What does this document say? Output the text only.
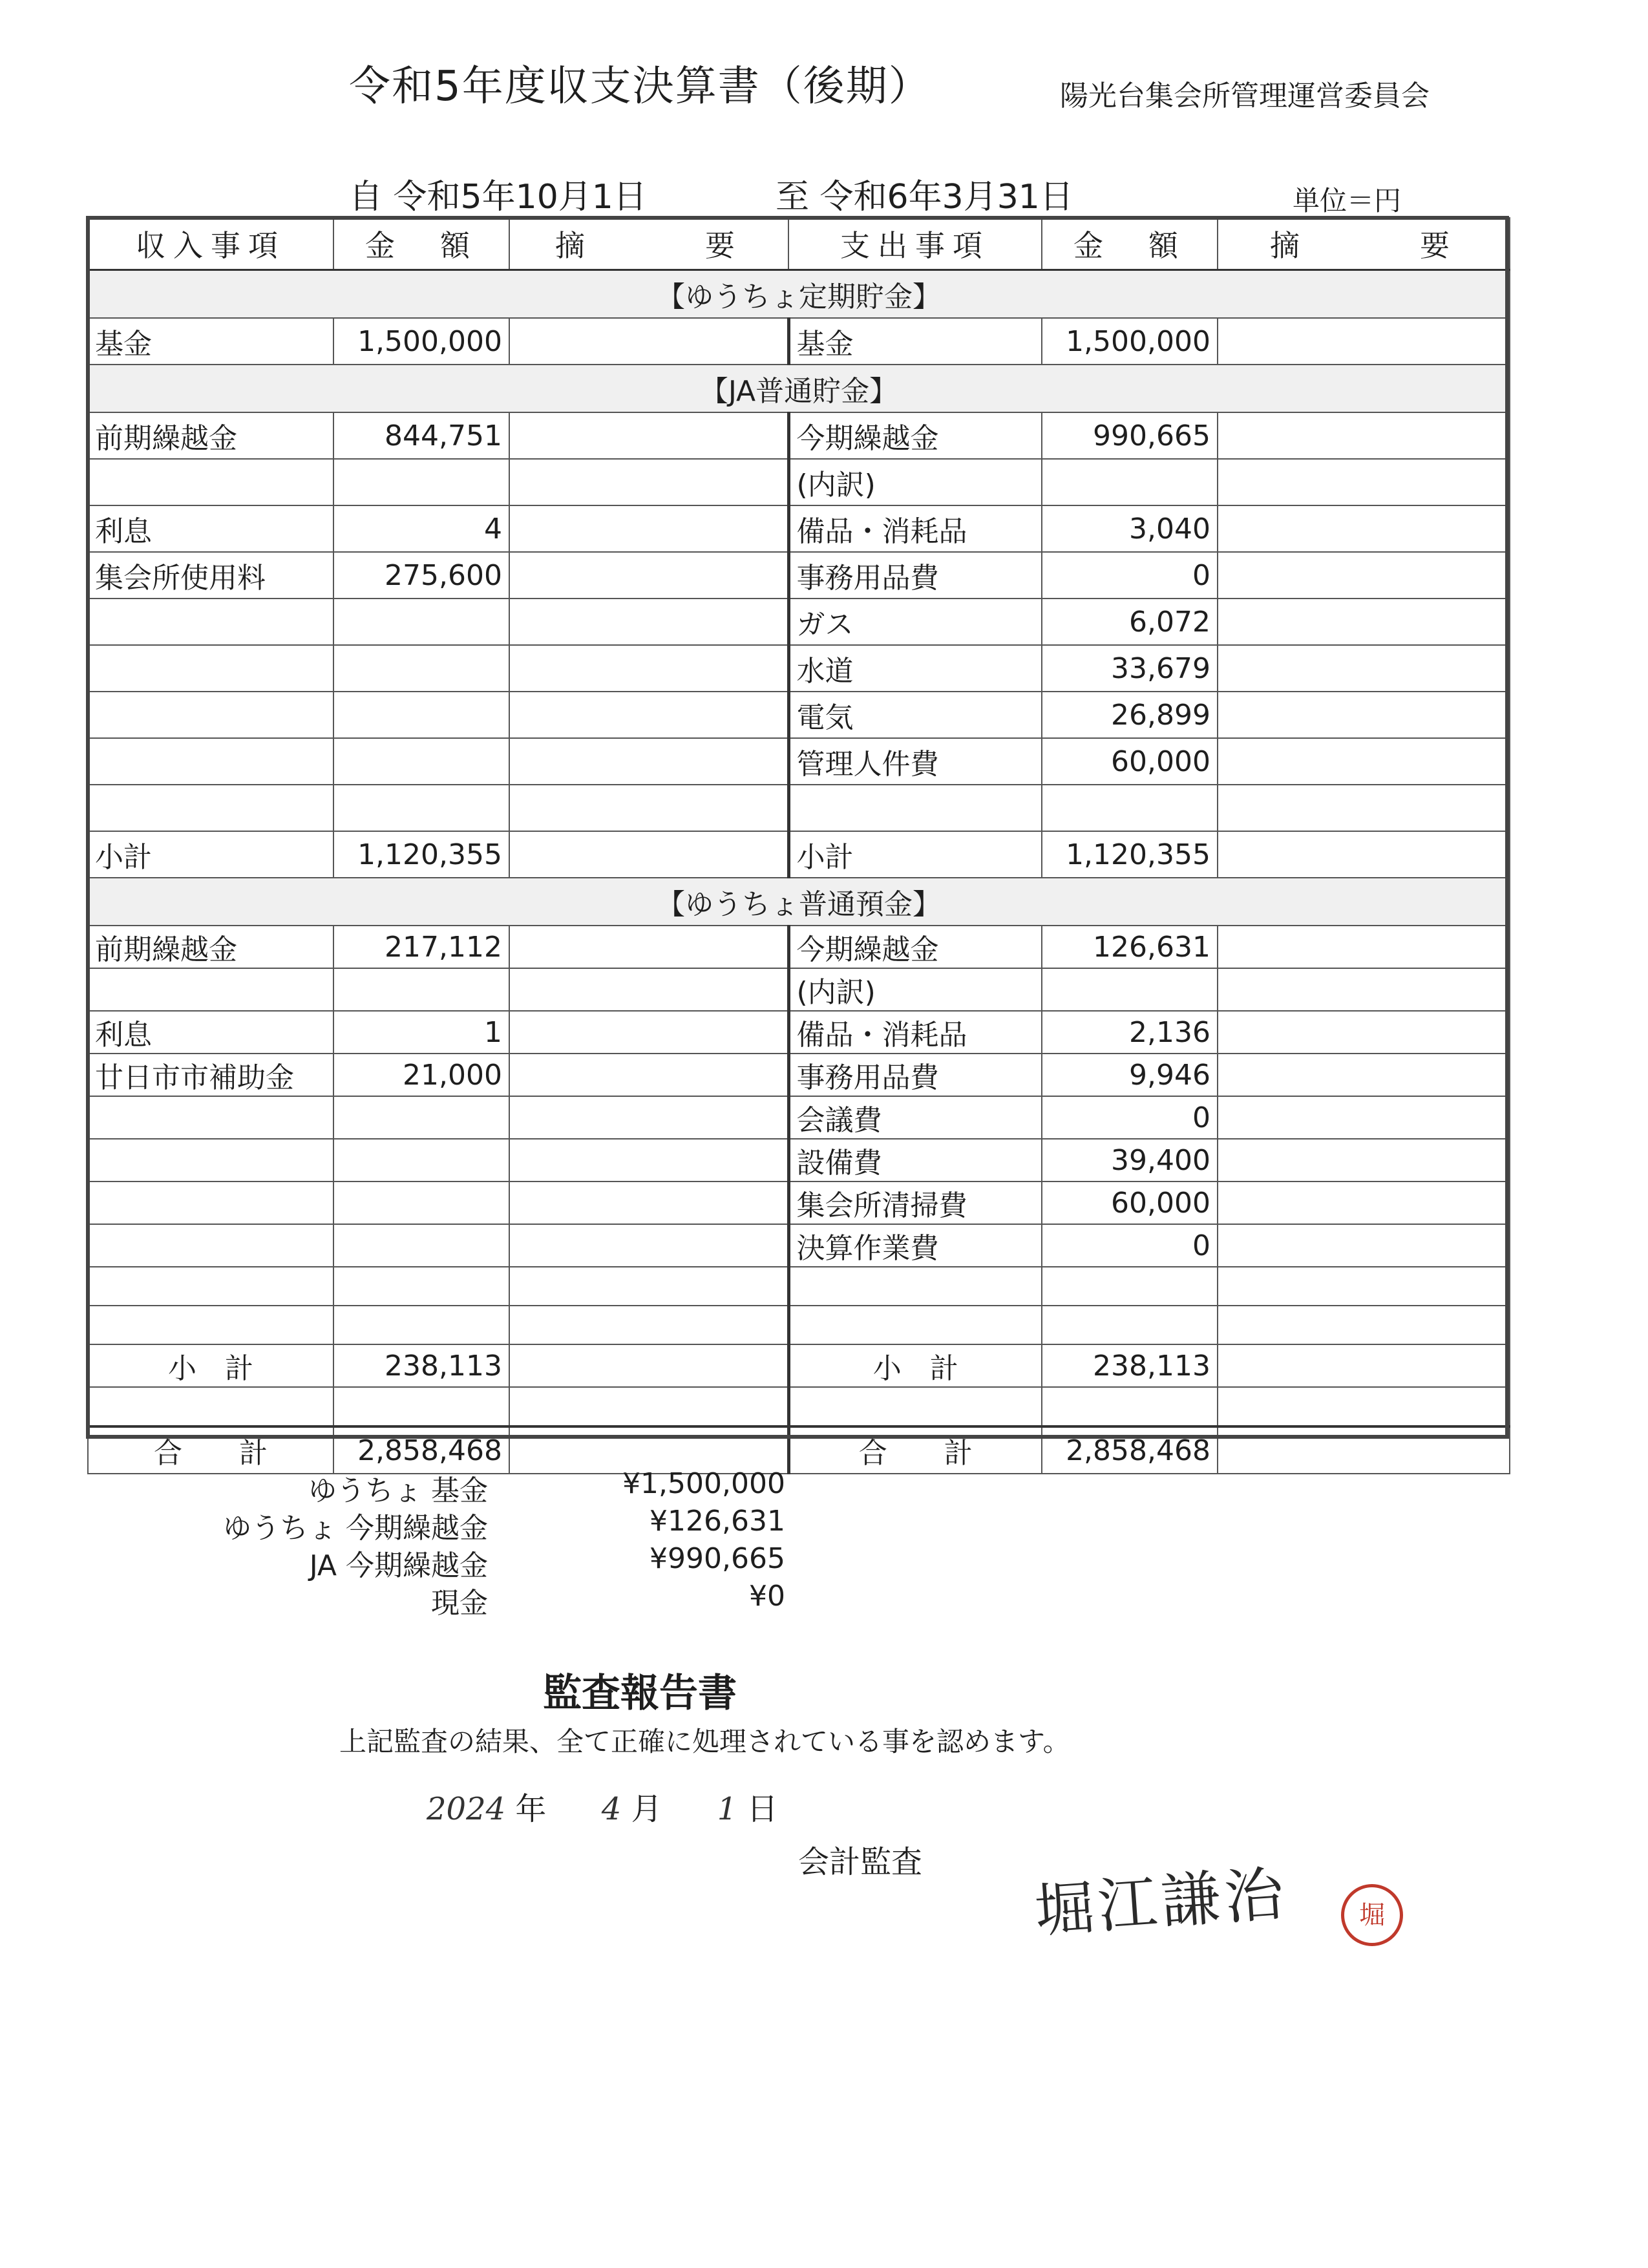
令和5年度収支決算書（後期）	陽光台集会所管理運営委員会
自 令和5年10月1日	至 令和6年3月31日	単位＝円
収入事項	金　額	摘　　　要	支出事項	金　額	摘　　　要
【ゆうちょ定期貯金】					
基金	1,500,000		基金	1,500,000	
【JA普通貯金】					
前期繰越金	844,751		今期繰越金	990,665	
			(内訳)		
利息	4		備品・消耗品	3,040	
集会所使用料	275,600		事務用品費	0	
			ガス	6,072	
			水道	33,679	
			電気	26,899	
			管理人件費	60,000	

小計	1,120,355		小計	1,120,355	
【ゆうちょ普通預金】					
前期繰越金	217,112		今期繰越金	126,631	
			(内訳)		
利息	1		備品・消耗品	2,136	
廿日市市補助金	21,000		事務用品費	9,946	
			会議費	0	
			設備費	39,400	
			集会所清掃費	60,000	
			決算作業費	0	

小　計	238,113		小　計	238,113	

合　　計	2,858,468		合　　計	2,858,468	
ゆうちょ 基金	¥1,500,000
ゆうちょ 今期繰越金	¥126,631
JA 今期繰越金	¥990,665
現金	¥0
監査報告書
上記監査の結果、全て正確に処理されている事を認めます。
2024 年 4 月 1 日
会計監査 堀江謙治	堀
